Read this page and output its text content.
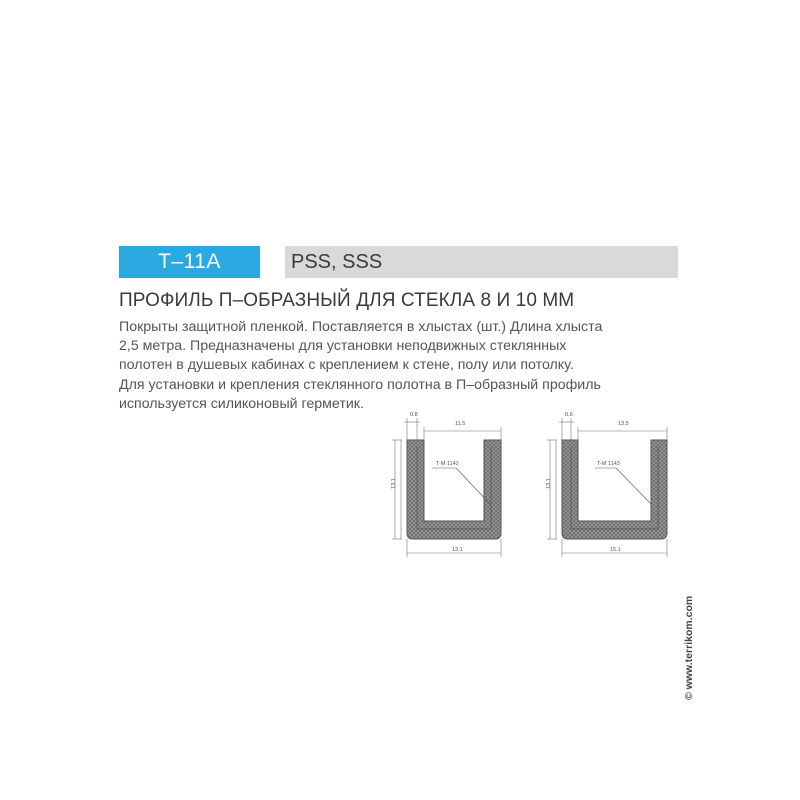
T–11A	PSS, SSS
ПРОФИЛЬ П–ОБРАЗНЫЙ ДЛЯ СТЕКЛА 8 И 10 ММ

Покрыты защитной пленкой. Поставляется в хлыстах (шт.) Длина хлыста

2,5 метра. Предназначены для установки неподвижных стеклянных

полотен в душевых кабинах с креплением к стене, полу или потолку.

Для установки и крепления стеклянного полотна в П–образный профиль

используется силиконовый герметик.

0.8
11.5
13.1
13.1
T-M 1142
0.8
13.5
13.1
15.1
T-M 1143
© www.terrikom.com
